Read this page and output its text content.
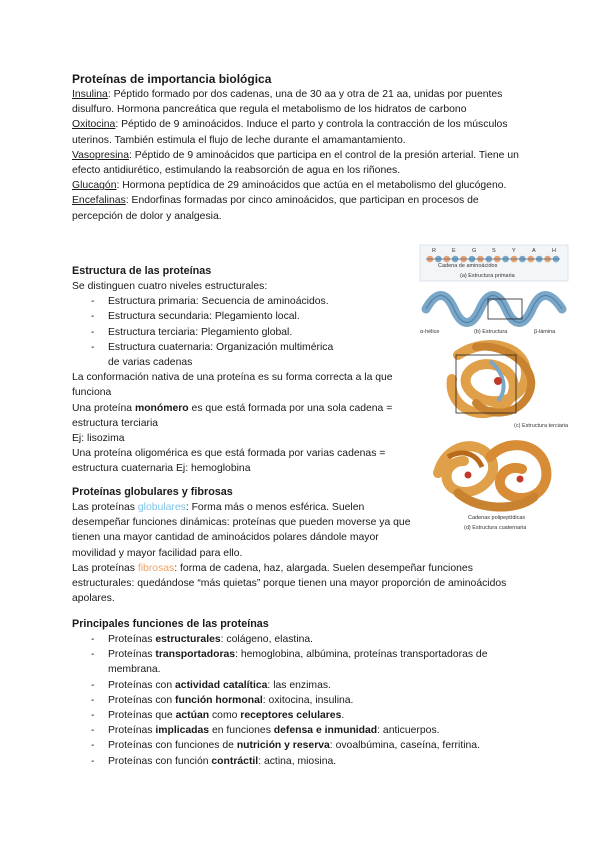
Proteínas de importancia biológica

Insulina: Péptido formado por dos cadenas, una de 30 aa y otra de 21 aa, unidas por puentes disulfuro. Hormona pancreática que regula el metabolismo de los hidratos de carbono

Oxitocina: Péptido de 9 aminoácidos. Induce el parto y controla la contracción de los músculos uterinos. También estimula el flujo de leche durante el amamantamiento.

Vasopresina: Péptido de 9 aminoácidos que participa en el control de la presión arterial. Tiene un efecto antidiurético, estimulando la reabsorción de agua en los riñones.

Glucagón: Hormona peptídica de 29 aminoácidos que actúa en el metabolismo del glucógeno.

Encefalinas: Endorfinas formadas por cinco aminoácidos, que participan en procesos de percepción de dolor y analgesia.

Estructura de las proteínas

Se distinguen cuatro niveles estructurales:

- Estructura primaria: Secuencia de aminoácidos.
- Estructura secundaria: Plegamiento local.
- Estructura terciaria: Plegamiento global.
- Estructura cuaternaria: Organización multimérica de varias cadenas

La conformación nativa de una proteína es su forma correcta a la que funciona

Una proteína monómero es que está formada por una sola cadena = estructura terciaria

Ej: lisozima

Una proteína oligomérica es que está formada por varias cadenas = estructura cuaternaria Ej: hemoglobina

R	E	G	S	Y	A	H
Cadena de aminoácidos
(a) Estructura primaria
α-hélice	(b) Estructura	β-lámina
(c) Estructura terciaria
Cadenas polipeptídicas
(d) Estructura cuaternaria
Proteínas globulares y fibrosas

Las proteínas globulares: Forma más o menos esférica. Suelen desempeñar funciones dinámicas: proteínas que pueden moverse ya que tienen una mayor cantidad de aminoácidos polares dándole mayor movilidad y mayor facilidad para ello.

Las proteínas fibrosas: forma de cadena, haz, alargada. Suelen desempeñar funciones estructurales: quedándose “más quietas” porque tienen una mayor proporción de aminoácidos apolares.

Principales funciones de las proteínas
- Proteínas estructurales: colágeno, elastina.
- Proteínas transportadoras: hemoglobina, albúmina, proteínas transportadoras de membrana.
- Proteínas con actividad catalítica: las enzimas.
- Proteínas con función hormonal: oxitocina, insulina.
- Proteínas que actúan como receptores celulares.
- Proteínas implicadas en funciones defensa e inmunidad: anticuerpos.
- Proteínas con funciones de nutrición y reserva: ovoalbúmina, caseína, ferritina.
- Proteínas con función contráctil: actina, miosina.
